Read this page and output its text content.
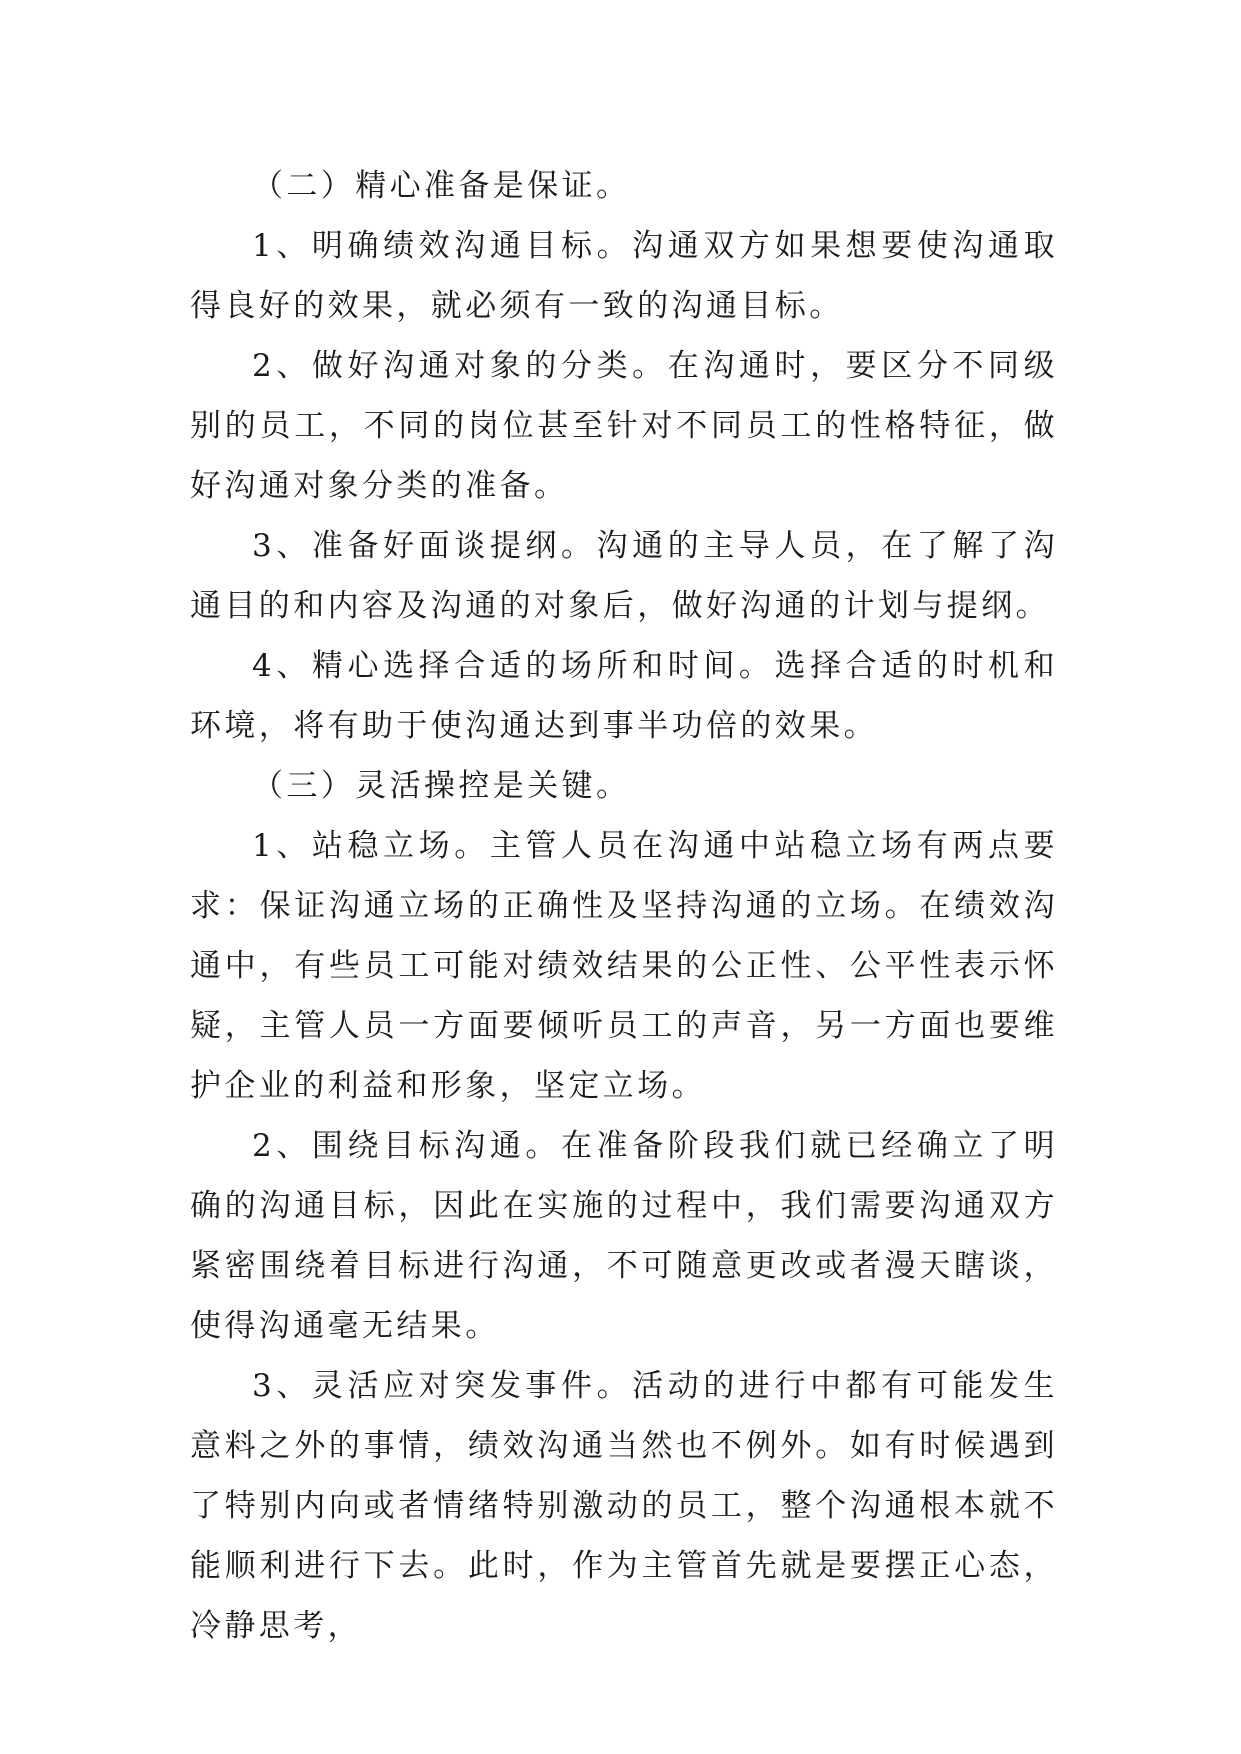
（二）精心准备是保证。

1、明确绩效沟通目标。沟通双方如果想要使沟通取得良好的效果，就必须有一致的沟通目标。

2、做好沟通对象的分类。在沟通时，要区分不同级别的员工，不同的岗位甚至针对不同员工的性格特征，做好沟通对象分类的准备。

3、准备好面谈提纲。沟通的主导人员，在了解了沟通目的和内容及沟通的对象后，做好沟通的计划与提纲。

4、精心选择合适的场所和时间。选择合适的时机和环境，将有助于使沟通达到事半功倍的效果。

（三）灵活操控是关键。

1、站稳立场。主管人员在沟通中站稳立场有两点要求：保证沟通立场的正确性及坚持沟通的立场。在绩效沟通中，有些员工可能对绩效结果的公正性、公平性表示怀疑，主管人员一方面要倾听员工的声音，另一方面也要维护企业的利益和形象，坚定立场。

2、围绕目标沟通。在准备阶段我们就已经确立了明确的沟通目标，因此在实施的过程中，我们需要沟通双方紧密围绕着目标进行沟通，不可随意更改或者漫天瞎谈，使得沟通毫无结果。

3、灵活应对突发事件。活动的进行中都有可能发生意料之外的事情，绩效沟通当然也不例外。如有时候遇到了特别内向或者情绪特别激动的员工，整个沟通根本就不能顺利进行下去。此时，作为主管首先就是要摆正心态，冷静思考，
